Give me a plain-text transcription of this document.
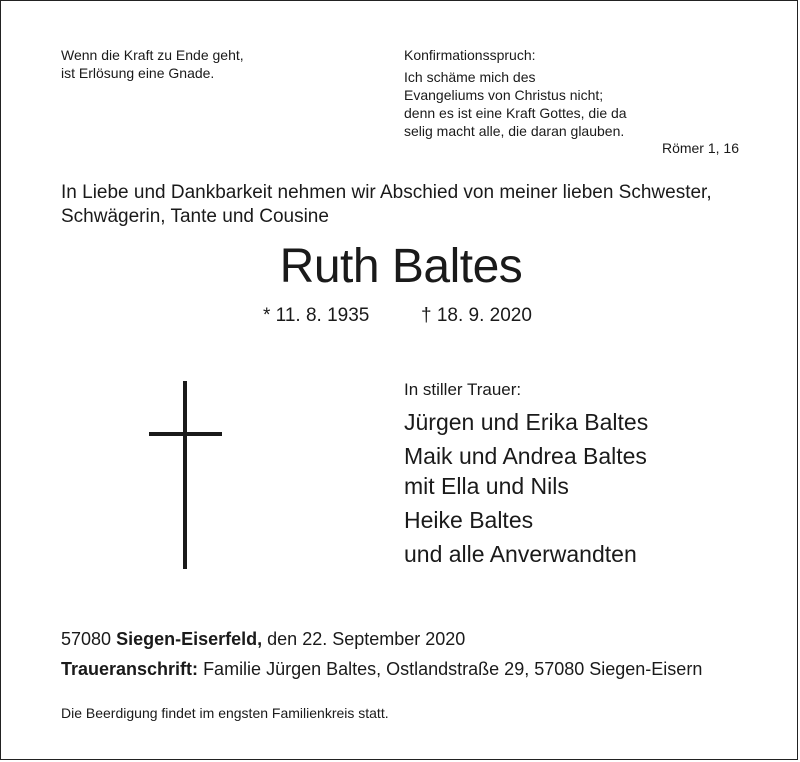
Wenn die Kraft zu Ende geht,
ist Erlösung eine Gnade.
Konfirmationsspruch:
Ich schäme mich des
Evangeliums von Christus nicht;
denn es ist eine Kraft Gottes, die da
selig macht alle, die daran glauben.
Römer 1, 16
In Liebe und Dankbarkeit nehmen wir Abschied von meiner lieben Schwester,
Schwägerin, Tante und Cousine
Ruth Baltes
* 11. 8. 1935	† 18. 9. 2020
In stiller Trauer:
Jürgen und Erika Baltes
Maik und Andrea Baltes
mit Ella und Nils
Heike Baltes
und alle Anverwandten
57080 Siegen-Eiserfeld, den 22. September 2020
Traueranschrift: Familie Jürgen Baltes, Ostlandstraße 29, 57080 Siegen-Eisern
Die Beerdigung findet im engsten Familienkreis statt.
